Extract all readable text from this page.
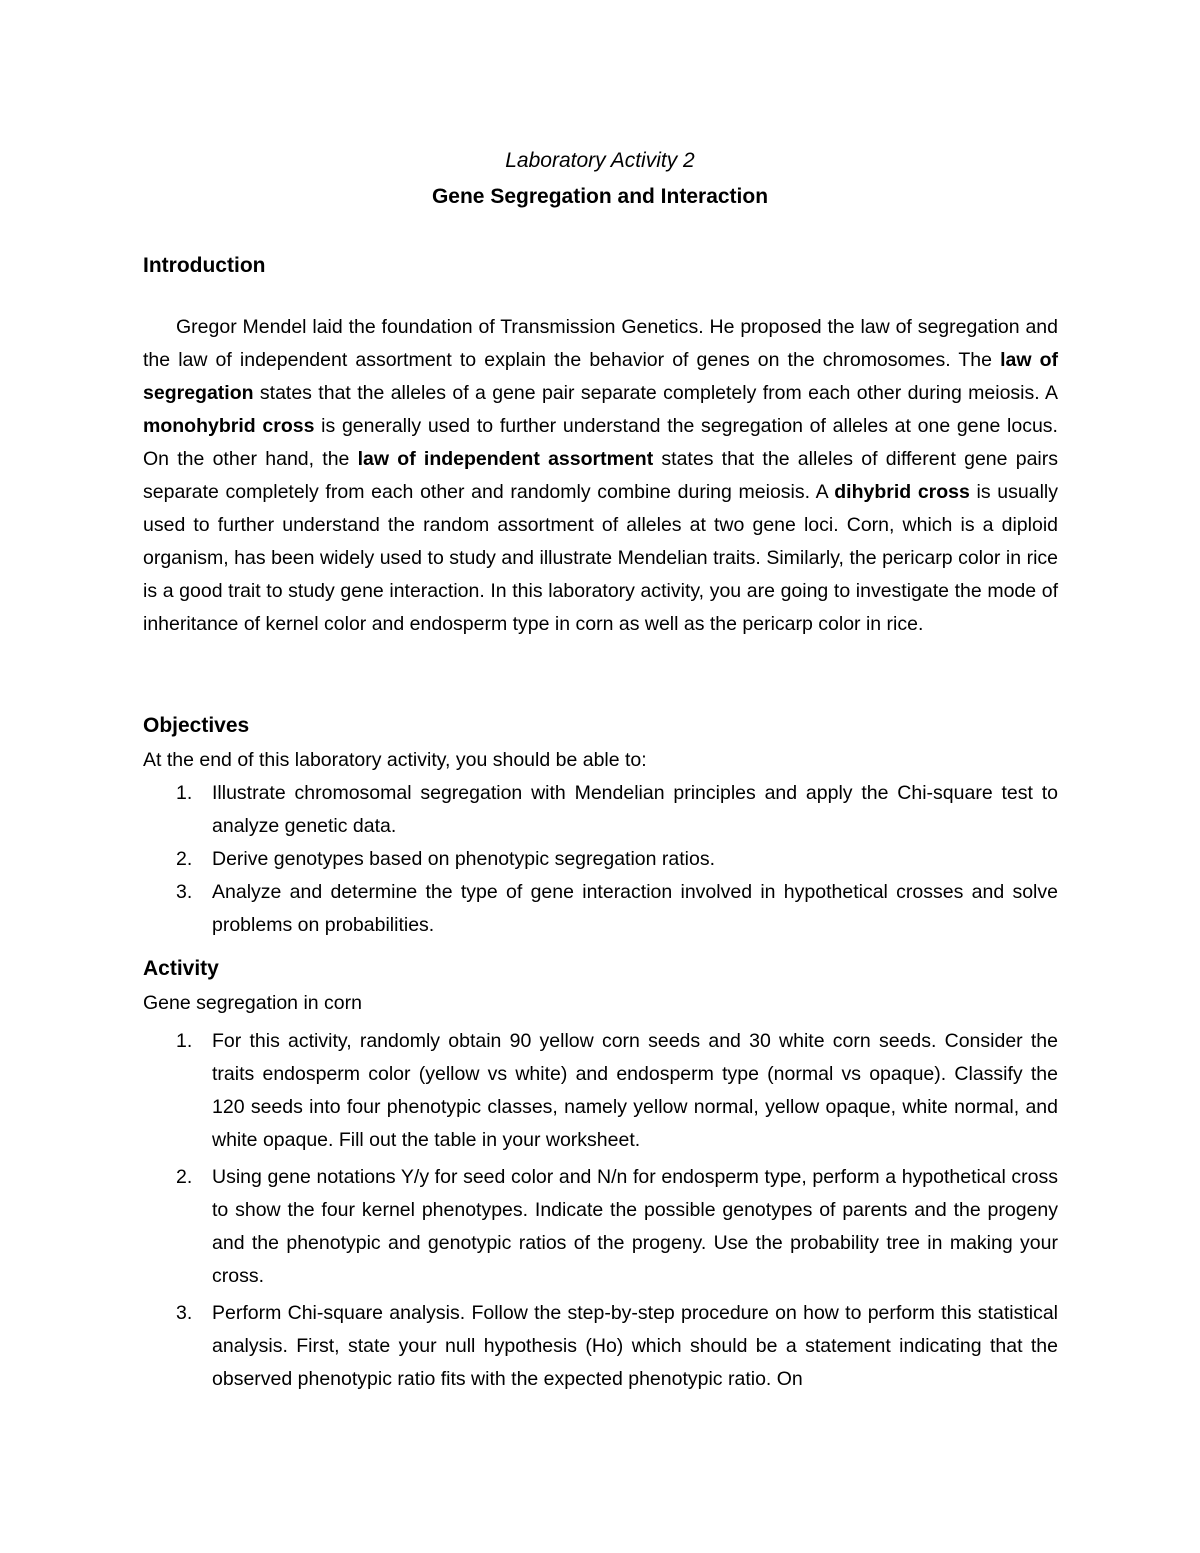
Laboratory Activity 2
Gene Segregation and Interaction
Introduction
Gregor Mendel laid the foundation of Transmission Genetics. He proposed the law of segregation and the law of independent assortment to explain the behavior of genes on the chromosomes. The law of segregation states that the alleles of a gene pair separate completely from each other during meiosis. A monohybrid cross is generally used to further understand the segregation of alleles at one gene locus. On the other hand, the law of independent assortment states that the alleles of different gene pairs separate completely from each other and randomly combine during meiosis. A dihybrid cross is usually used to further understand the random assortment of alleles at two gene loci. Corn, which is a diploid organism, has been widely used to study and illustrate Mendelian traits. Similarly, the pericarp color in rice is a good trait to study gene interaction. In this laboratory activity, you are going to investigate the mode of inheritance of kernel color and endosperm type in corn as well as the pericarp color in rice.
Objectives
At the end of this laboratory activity, you should be able to:
1. Illustrate chromosomal segregation with Mendelian principles and apply the Chi-square test to analyze genetic data.
2. Derive genotypes based on phenotypic segregation ratios.
3. Analyze and determine the type of gene interaction involved in hypothetical crosses and solve problems on probabilities.
Activity
Gene segregation in corn
1. For this activity, randomly obtain 90 yellow corn seeds and 30 white corn seeds. Consider the traits endosperm color (yellow vs white) and endosperm type (normal vs opaque). Classify the 120 seeds into four phenotypic classes, namely yellow normal, yellow opaque, white normal, and white opaque. Fill out the table in your worksheet.
2. Using gene notations Y/y for seed color and N/n for endosperm type, perform a hypothetical cross to show the four kernel phenotypes. Indicate the possible genotypes of parents and the progeny and the phenotypic and genotypic ratios of the progeny. Use the probability tree in making your cross.
3. Perform Chi-square analysis. Follow the step-by-step procedure on how to perform this statistical analysis. First, state your null hypothesis (Ho) which should be a statement indicating that the observed phenotypic ratio fits with the expected phenotypic ratio. On
